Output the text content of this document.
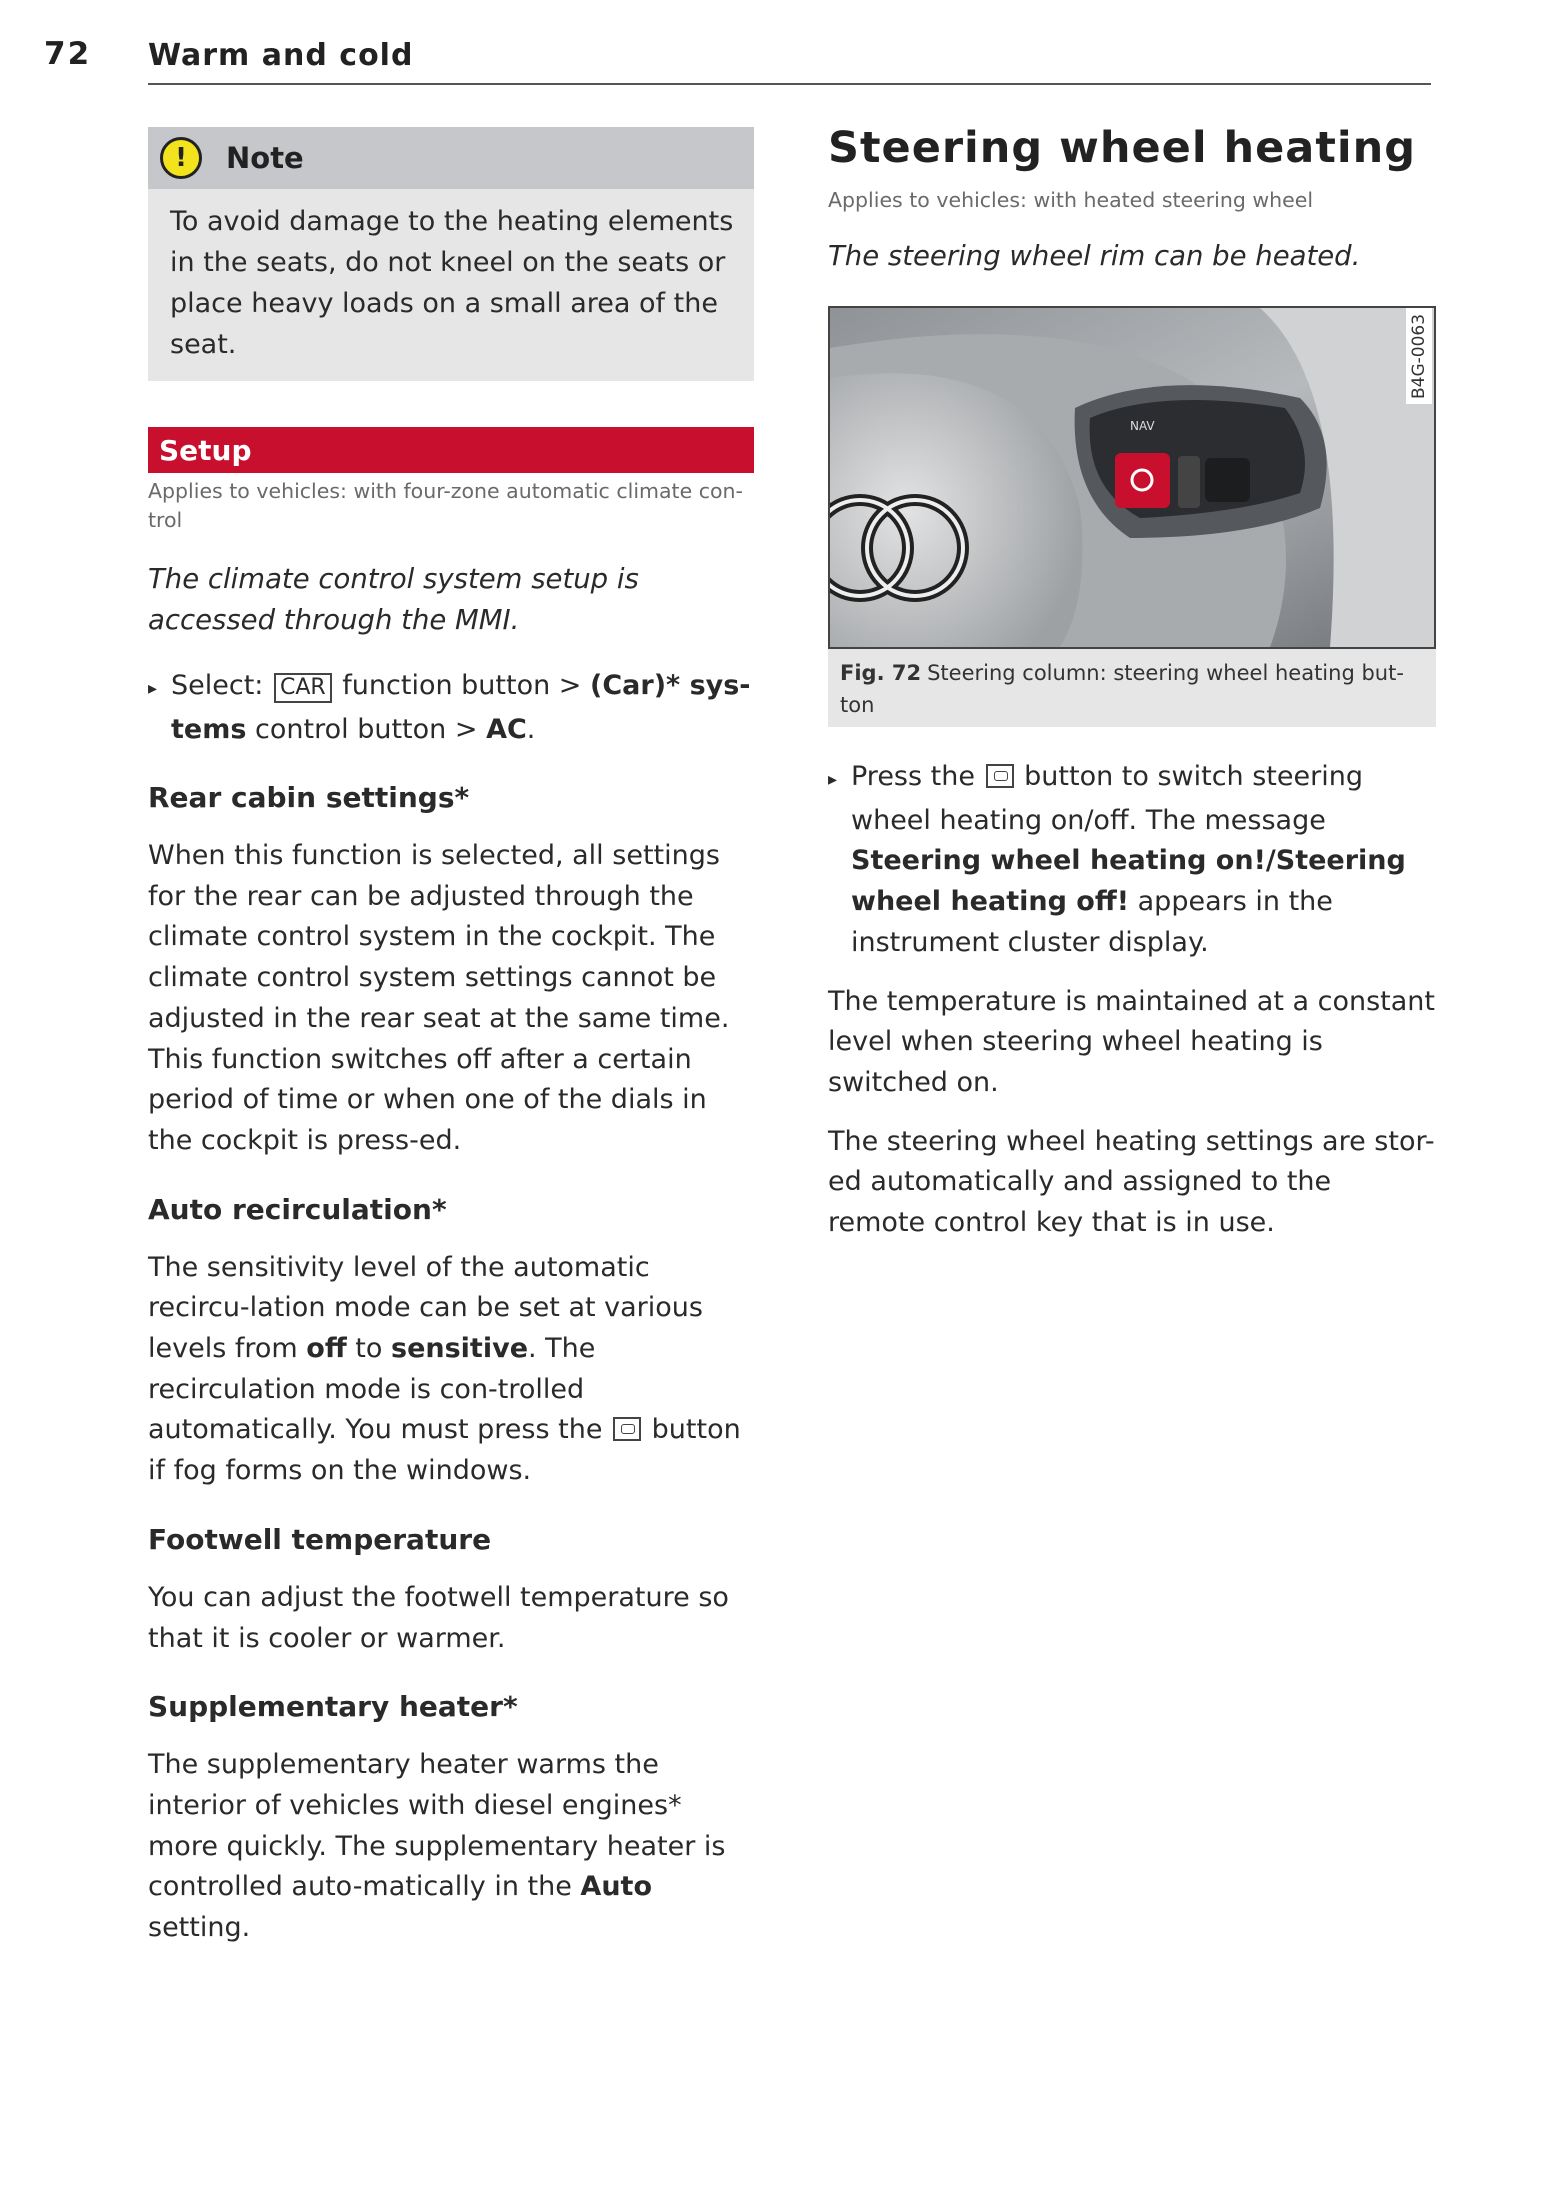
72 Warm and cold
!	Note
To avoid damage to the heating elements in the seats, do not kneel on the seats or place heavy loads on a small area of the seat.
Setup
Applies to vehicles: with four-zone automatic climate con-trol
The climate control system setup is accessed through the MMI.
▸ Select: CAR function button > (Car)* sys-tems control button > AC.
Rear cabin settings*
When this function is selected, all settings for the rear can be adjusted through the climate control system in the cockpit. The climate control system settings cannot be adjusted in the rear seat at the same time. This function switches off after a certain period of time or when one of the dials in the cockpit is press-ed.
Auto recirculation*
The sensitivity level of the automatic recircu-lation mode can be set at various levels from off to sensitive. The recirculation mode is con-trolled automatically. You must press the button if fog forms on the windows.
Footwell temperature
You can adjust the footwell temperature so that it is cooler or warmer.
Supplementary heater*
The supplementary heater warms the interior of vehicles with diesel engines* more quickly. The supplementary heater is controlled auto-matically in the Auto setting.
Steering wheel heating
Applies to vehicles: with heated steering wheel
The steering wheel rim can be heated.
NAV
B4G-0063
Fig. 72 Steering column: steering wheel heating but-ton
▸ Press the button to switch steering wheel heating on/off. The message Steering wheel heating on!/Steering wheel heating off! appears in the instrument cluster display.
The temperature is maintained at a constant level when steering wheel heating is switched on.
The steering wheel heating settings are stor-ed automatically and assigned to the remote control key that is in use.
